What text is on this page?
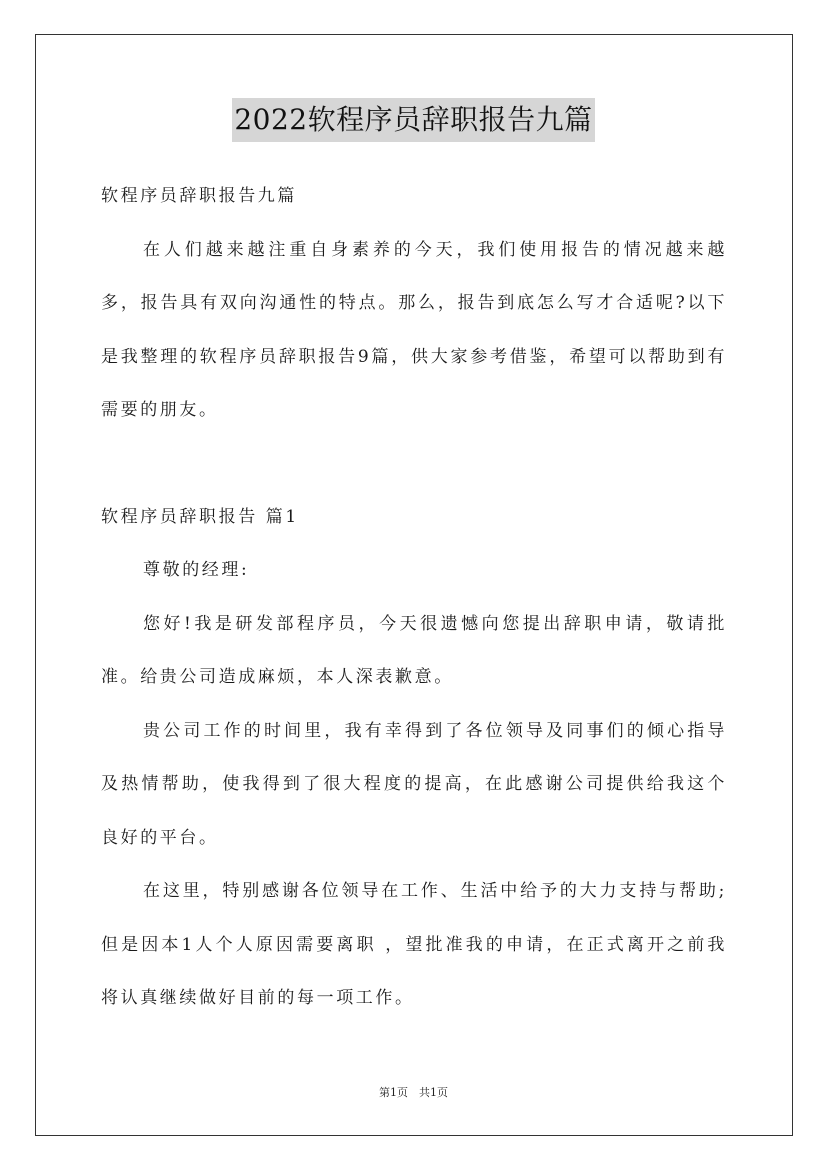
2022软程序员辞职报告九篇

软程序员辞职报告九篇

在人们越来越注重自身素养的今天，我们使用报告的情况越来越多，报告具有双向沟通性的特点。那么，报告到底怎么写才合适呢?以下是我整理的软程序员辞职报告9篇，供大家参考借鉴，希望可以帮助到有需要的朋友。

软程序员辞职报告 篇1

尊敬的经理:

您好!我是研发部程序员，今天很遗憾向您提出辞职申请，敬请批准。给贵公司造成麻烦，本人深表歉意。

贵公司工作的时间里，我有幸得到了各位领导及同事们的倾心指导及热情帮助，使我得到了很大程度的提高，在此感谢公司提供给我这个良好的平台。

在这里，特别感谢各位领导在工作、生活中给予的大力支持与帮助;但是因本1人个人原因需要离职 ，望批准我的申请，在正式离开之前我将认真继续做好目前的每一项工作。

第1页　共1页
